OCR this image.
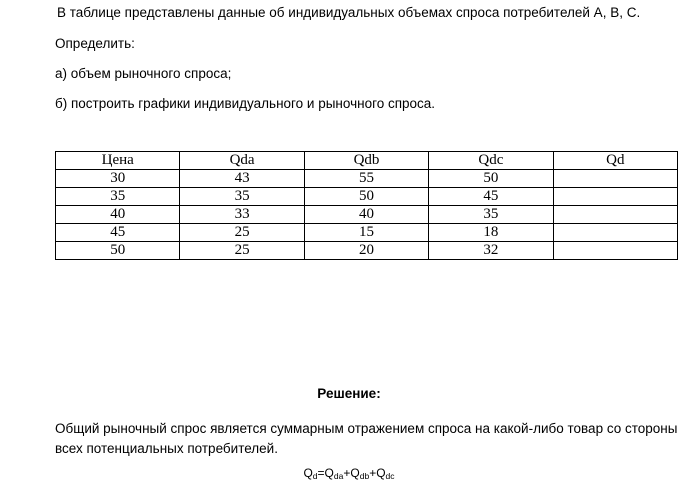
В таблице представлены данные об индивидуальных объемах спроса потребителей A, B, C.
Определить:
а) объем рыночного спроса;
б) построить графики индивидуального и рыночного спроса.
Цена	Qda	Qdb	Qdc	Qd
30	43	55	50	
35	35	50	45	
40	33	40	35	
45	25	15	18	
50	25	20	32	
Решение:
Общий рыночный спрос является суммарным отражением спроса на какой-либо товар со стороны всех потенциальных потребителей.
$Q_d=Q_{da}+Q_{db}+Q_{dc}$
